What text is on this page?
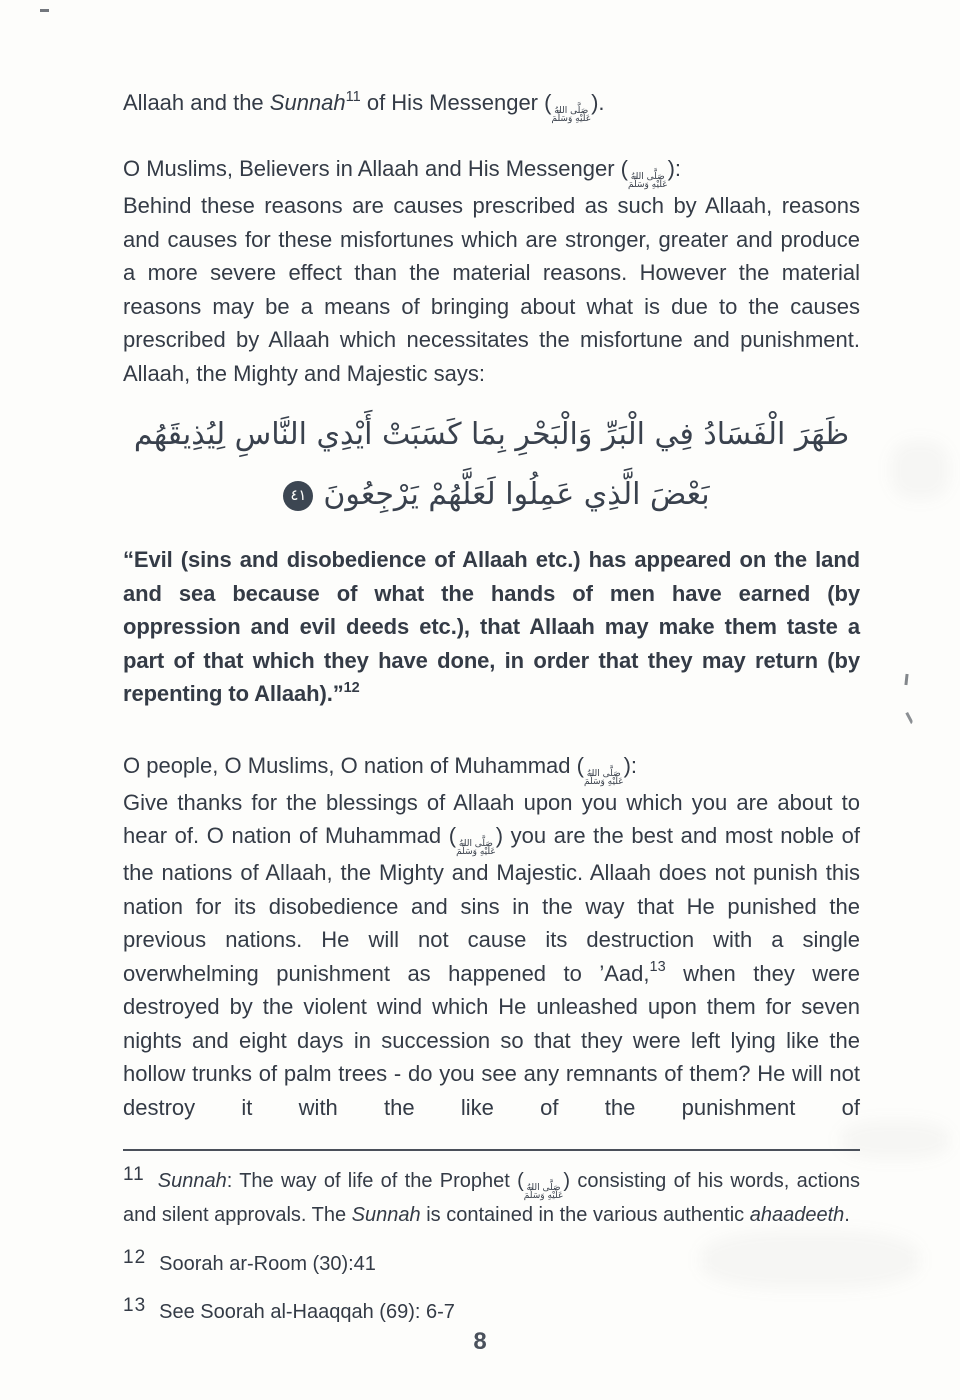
Allaah and the Sunnah$^{11}$ of His Messenger ( صَلَّى اللهُ
عَلَيْهِ وَسَلَّمَ
).

O Muslims, Believers in Allaah and His Messenger ( صَلَّى اللهُ
عَلَيْهِ وَسَلَّمَ
):

Behind these reasons are causes prescribed as such by Allaah, reasons and causes for these misfortunes which are stronger, greater and produce a more severe effect than the material reasons. However the material reasons may be a means of bringing about what is due to the causes prescribed by Allaah which necessitates the misfortune and punishment. Allaah, the Mighty and Majestic says:

ظَهَرَ الْفَسَادُ فِي الْبَرِّ وَالْبَحْرِ بِمَا كَسَبَتْ أَيْدِي النَّاسِ لِيُذِيقَهُم
بَعْضَ الَّذِي عَمِلُوا لَعَلَّهُمْ يَرْجِعُونَ
٤١

“Evil (sins and disobedience of Allaah etc.) has appeared on the land and sea because of what the hands of men have earned (by oppression and evil deeds etc.), that Allaah may make them taste a part of that which they have done, in order that they may return (by repenting to Allaah).”$^{12}$

O people, O Muslims, O nation of Muhammad ( صَلَّى اللهُ
عَلَيْهِ وَسَلَّمَ
):

Give thanks for the blessings of Allaah upon you which you are about to hear of. O nation of Muhammad ( صَلَّى اللهُ
عَلَيْهِ وَسَلَّمَ
) you are the best and most noble of the nations of Allaah, the Mighty and Majestic. Allaah does not punish this nation for its disobedience and sins in the way that He punished the previous nations. He will not cause its destruction with a single overwhelming punishment as happened to ’Aad,$^{13}$ when they were destroyed by the violent wind which He unleashed upon them for seven nights and eight days in succession so that they were left lying like the hollow trunks of palm trees - do you see any remnants of them? He will not destroy it with the like of the punishment of

11 Sunnah: The way of life of the Prophet ( صَلَّى اللهُ
عَلَيْهِ وَسَلَّمَ
) consisting of his words, actions and silent approvals. The Sunnah is contained in the various authentic ahaadeeth.
12 Soorah ar-Room (30):41
13 See Soorah al-Haaqqah (69): 6-7
8
